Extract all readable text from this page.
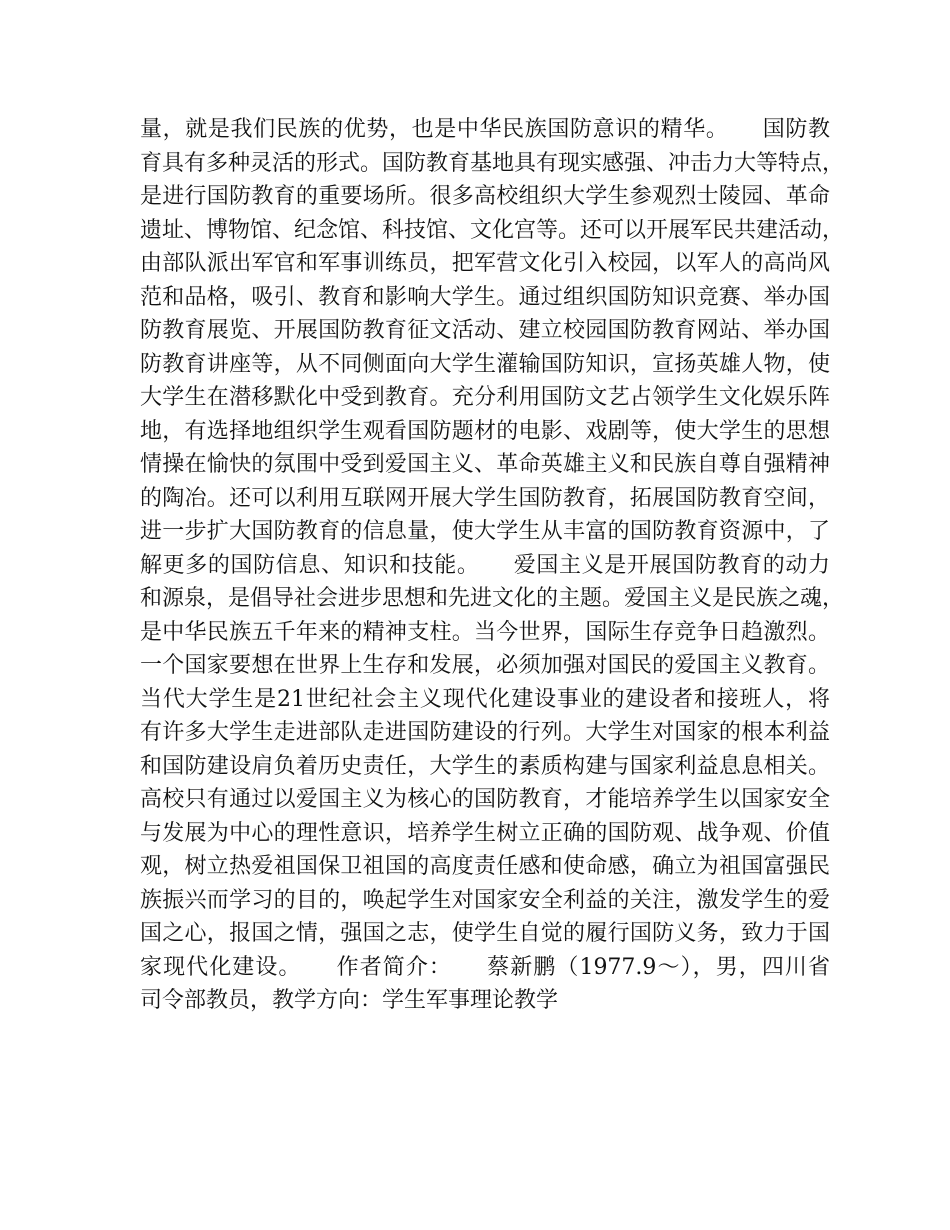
量，就是我们民族的优势，也是中华民族国防意识的精华。　　国防教
育具有多种灵活的形式。国防教育基地具有现实感强、冲击力大等特点，
是进行国防教育的重要场所。很多高校组织大学生参观烈士陵园、革命
遗址、博物馆、纪念馆、科技馆、文化宫等。还可以开展军民共建活动，
由部队派出军官和军事训练员，把军营文化引入校园，以军人的高尚风
范和品格，吸引、教育和影响大学生。通过组织国防知识竞赛、举办国
防教育展览、开展国防教育征文活动、建立校园国防教育网站、举办国
防教育讲座等，从不同侧面向大学生灌输国防知识，宣扬英雄人物，使
大学生在潜移默化中受到教育。充分利用国防文艺占领学生文化娱乐阵
地，有选择地组织学生观看国防题材的电影、戏剧等，使大学生的思想
情操在愉快的氛围中受到爱国主义、革命英雄主义和民族自尊自强精神
的陶冶。还可以利用互联网开展大学生国防教育，拓展国防教育空间，
进一步扩大国防教育的信息量，使大学生从丰富的国防教育资源中，了
解更多的国防信息、知识和技能。　　爱国主义是开展国防教育的动力
和源泉，是倡导社会进步思想和先进文化的主题。爱国主义是民族之魂，
是中华民族五千年来的精神支柱。当今世界，国际生存竞争日趋激烈。
一个国家要想在世界上生存和发展，必须加强对国民的爱国主义教育。
当代大学生是21世纪社会主义现代化建设事业的建设者和接班人，将
有许多大学生走进部队走进国防建设的行列。大学生对国家的根本利益
和国防建设肩负着历史责任，大学生的素质构建与国家利益息息相关。
高校只有通过以爱国主义为核心的国防教育，才能培养学生以国家安全
与发展为中心的理性意识，培养学生树立正确的国防观、战争观、价值
观，树立热爱祖国保卫祖国的高度责任感和使命感，确立为祖国富强民
族振兴而学习的目的，唤起学生对国家安全利益的关注，激发学生的爱
国之心，报国之情，强国之志，使学生自觉的履行国防义务，致力于国
家现代化建设。　　作者简介：　　蔡新鹏（1977.9～），男，四川省
司令部教员，教学方向：学生军事理论教学
